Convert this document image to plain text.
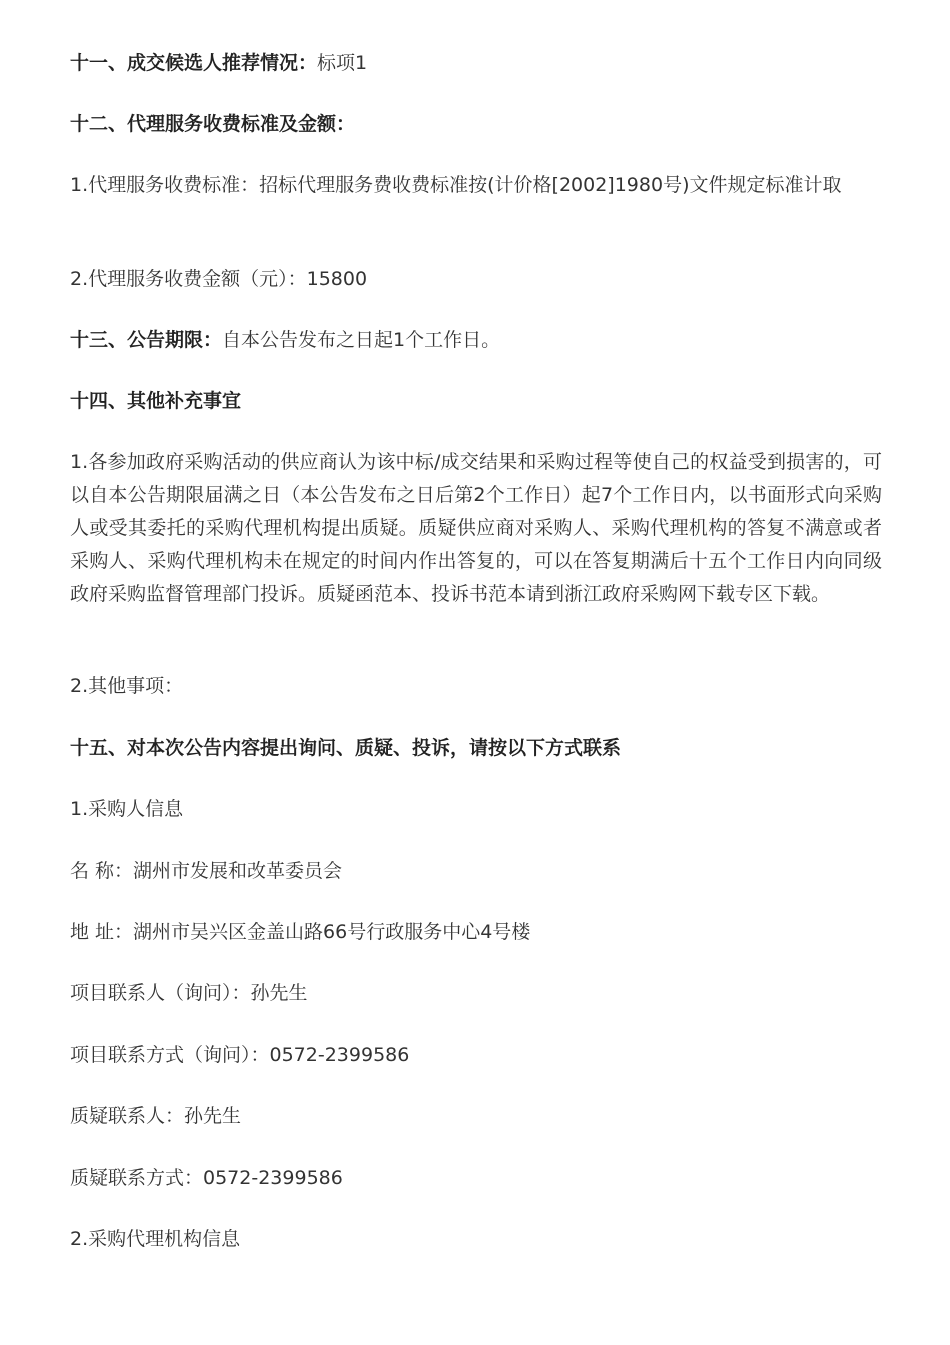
十一、成交候选人推荐情况：标项1
十二、代理服务收费标准及金额：
1.代理服务收费标准：招标代理服务费收费标准按(计价格[2002]1980号)文件规定标准计取
2.代理服务收费金额（元）：15800
十三、公告期限：自本公告发布之日起1个工作日。
十四、其他补充事宜
1.各参加政府采购活动的供应商认为该中标/成交结果和采购过程等使自己的权益受到损害的，可以自本公告期限届满之日（本公告发布之日后第2个工作日）起7个工作日内，以书面形式向采购人或受其委托的采购代理机构提出质疑。质疑供应商对采购人、采购代理机构的答复不满意或者采购人、采购代理机构未在规定的时间内作出答复的，可以在答复期满后十五个工作日内向同级政府采购监督管理部门投诉。质疑函范本、投诉书范本请到浙江政府采购网下载专区下载。
2.其他事项：
十五、对本次公告内容提出询问、质疑、投诉，请按以下方式联系
1.采购人信息
名 称：湖州市发展和改革委员会
地 址：湖州市吴兴区金盖山路66号行政服务中心4号楼
项目联系人（询问）：孙先生
项目联系方式（询问）：0572-2399586
质疑联系人：孙先生
质疑联系方式：0572-2399586
2.采购代理机构信息
